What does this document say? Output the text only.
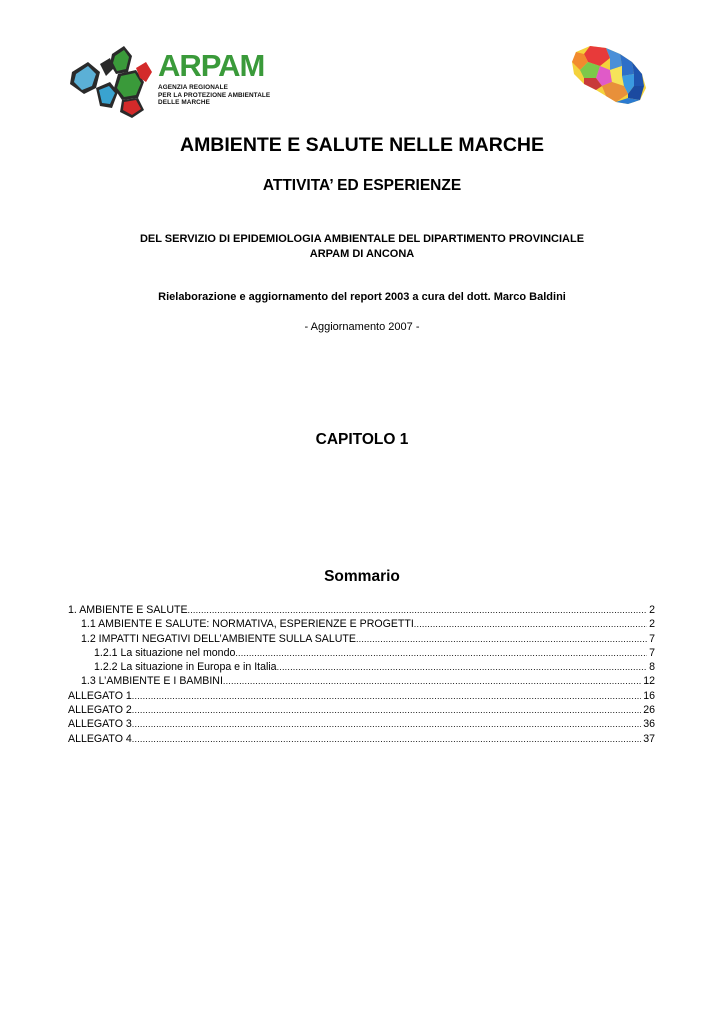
ARPAM
AGENZIA REGIONALE
PER LA PROTEZIONE AMBIENTALE
DELLE MARCHE
AMBIENTE E SALUTE NELLE MARCHE
ATTIVITA’ ED ESPERIENZE
DEL SERVIZIO DI EPIDEMIOLOGIA AMBIENTALE DEL DIPARTIMENTO PROVINCIALE
ARPAM DI ANCONA
Rielaborazione e aggiornamento del report 2003 a cura del dott. Marco Baldini
- Aggiornamento 2007 -
CAPITOLO 1
Sommario
1. AMBIENTE E SALUTE .....	2
1.1 AMBIENTE E SALUTE: NORMATIVA, ESPERIENZE E PROGETTI .....	2
1.2 IMPATTI NEGATIVI DELL’AMBIENTE SULLA SALUTE .....	7
1.2.1 La situazione nel mondo .....	7
1.2.2 La situazione in Europa e in Italia .....	8
1.3 L’AMBIENTE E I BAMBINI .....	12
ALLEGATO 1 .....	16
ALLEGATO 2 .....	26
ALLEGATO 3 .....	36
ALLEGATO 4 .....	37
